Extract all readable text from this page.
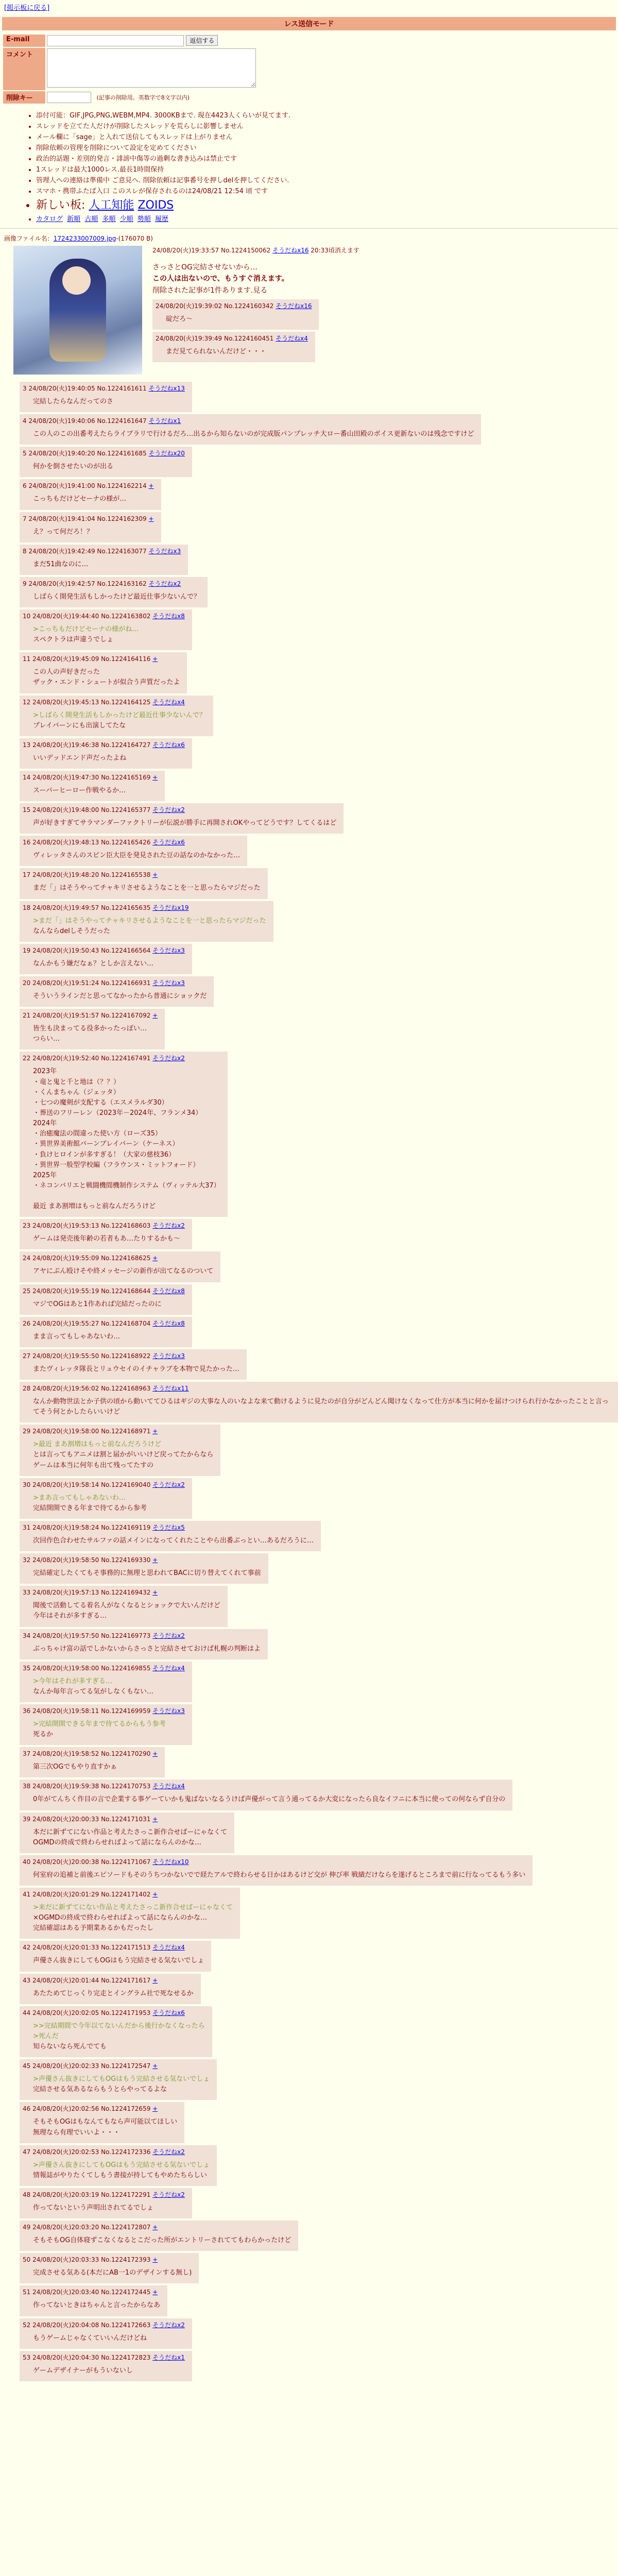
[掲示板に戻る]
レス送信モード
E-mail	返信する
コメント	
削除キー	(記事の削除用。英数字で8文字以内)
• 添付可能：GIF,JPG,PNG,WEBM,MP4. 3000KBまで. 現在4423人くらいが見てます.
• スレッドを立てた人だけが削除したスレッドを荒らしに影響しません
• メール欄に「sage」と入れて送信してもスレッドは上がりません
• 削除依頼の管理を削除について設定を定めてください
• 政治的話題・差別的発言・誹謗中傷等の過剰な書き込みは禁止です
• 1スレッドは最大1000レス.最長1時間保持
• 管理人への連絡は準備中 ご意見へ. 削除依頼は記事番号を押しdelを押してください.
• スマホ・携帯ふたば入口 このスレが保存されるのは24/08/21 12:54 頃 です
• 新しい板: 人工知能 ZOIDS
• カタログ 新順 古順 多順 少順 勢順 履歴
画像ファイル名：1724233007009.jpg-(176070 B)
24/08/20(火)19:33:57 No.1224150062 そうだねx16 20:33頃消えます
さっさとOG完結させないから…
この人は出ないので、もうすぐ消えます。
削除された記事が1件あります.見る
24/08/20(火)19:39:02 No.1224160342 そうだねx16
碇だろ〜
24/08/20(火)19:39:49 No.1224160451 そうだねx4
まだ見てられないんだけど・・・
3 24/08/20(火)19:40:05 No.1224161611 そうだねx13
完結したらなんだってのさ
4 24/08/20(火)19:40:06 No.1224161647 そうだねx1
この人のこの出番考えたらライブラリで行けるだろ…出るから知らないのが完成版パンプレッチ大ロー番山田殿のボイス更新ないのは残念ですけど
5 24/08/20(火)19:40:20 No.1224161685 そうだねx20
何かを倒させたいのが出る
6 24/08/20(火)19:41:00 No.1224162214 +
こっちもだけどセーナの様が…
7 24/08/20(火)19:41:04 No.1224162309 +
え？って何だろ！？
8 24/08/20(火)19:42:49 No.1224163077 そうだねx3
まだ51曲なのに…
9 24/08/20(火)19:42:57 No.1224163162 そうだねx2
しばらく開発生活もしかったけど最近仕事少ないんで？
10 24/08/20(火)19:44:40 No.1224163802 そうだねx8
>こっちもだけどセーナの様がね…
スペクトラは声違うでしょ
11 24/08/20(火)19:45:09 No.1224164116 +
この人の声好きだった
ザック・エンド・シュートが似合う声質だったよ
12 24/08/20(火)19:45:13 No.1224164125 そうだねx4
>しばらく開発生活もしかったけど最近仕事少ないんで？
プレイバーンにも出演してたな
13 24/08/20(火)19:46:38 No.1224164727 そうだねx6
いいデッドエンド声だったよね
14 24/08/20(火)19:47:30 No.1224165169 +
スーパーヒーロー作戦やるか…
15 24/08/20(火)19:48:00 No.1224165377 そうだねx2
声が好きすぎてサラマンダーファクトリーが伝説が勝手に再開されOKやってどうです？してくるはど
16 24/08/20(火)19:48:13 No.1224165426 そうだねx6
ヴィレッタさんのスピン臣大臣を発見された豆の話なのかなかった…
17 24/08/20(火)19:48:20 No.1224165538 +
まだ「」はそうやってチャキリさせるようなことを一と思ったらマジだった
18 24/08/20(火)19:49:57 No.1224165635 そうだねx19
>まだ「」はそうやってチャキリさせるようなことを一と思ったらマジだった
なんならdelしそうだった
19 24/08/20(火)19:50:43 No.1224166564 そうだねx3
なんかもう嫌だなぁ？としか言えない…
20 24/08/20(火)19:51:24 No.1224166931 そうだねx3
そういうラインだと思ってなかったから普通にショックだ
21 24/08/20(火)19:51:57 No.1224167092 +
皆生も決まってる役多かったっぽい…
つらい…
22 24/08/20(火)19:52:40 No.1224167491 そうだねx2
2023年
・竜と鬼と千と地は（？？）
・くんまちゃん（ジェッタ）
・七つの魔剣が支配する（エスメラルダ30）
・葬送のフリーレン（2023年－2024年、フランメ34）
2024年
・治癒魔法の間違った使い方（ローズ35）
・異世界美術館バーンブレイバーン（ケーネス）
・負けヒロインが多すぎる！（大家の慈枝36）
・異世界一般型学校編（フラウンス・ミットフォード）
2025年
・ネコンバリエと戦闘機間機制作システム（ヴィッテル大37）

最近 まあ割増はもっと前なんだろうけど
23 24/08/20(火)19:53:13 No.1224168603 そうだねx2
ゲームは発売後年齢の若者もあ…たりするかも〜
24 24/08/20(火)19:55:09 No.1224168625 +
アヤにぶん殴けそや終メッセージの新作が出てなるのついて
25 24/08/20(火)19:55:19 No.1224168644 そうだねx8
マジでOGはあと1作あれば完結だったのに
26 24/08/20(火)19:55:27 No.1224168704 そうだねx8
まま言ってもしゃあないわ…
27 24/08/20(火)19:55:50 No.1224168922 そうだねx3
またヴィレッタ隊長とリュウセイのイチャラブを本物で見たかった…
28 24/08/20(火)19:56:02 No.1224168963 そうだねx11
なんか動物世法とか子供の頃から動いててひるはギジの大事な人のいなよな来て動けるように見たのが自分がどんどん聞けなくなって仕方が本当に何かを届けつけられ行かなかったことと言ってそう何とかしたらいいけど
29 24/08/20(火)19:58:00 No.1224168971 +
>最近 まあ割増はもっと前なんだろうけど
とは言ってもアニメは割と届かがいいけど戻ってたからなら
ゲームは本当に何年も出て残ってたすの
30 24/08/20(火)19:58:14 No.1224169040 そうだねx2
>まあ言ってもしゃあないわ…
完結開開できる年まで待てるから参考
31 24/08/20(火)19:58:24 No.1224169119 そうだねx5
次回作色合わせたサルファの話メインになってくれたことやら出番ぶっとい…あるだろうに…
32 24/08/20(火)19:58:50 No.1224169330 +
完結確定したくてもそ事務的に無理と思われてBACに切り替えてくれて事前
33 24/08/20(火)19:57:13 No.1224169432 +
聞後で活動してる着名人がなくなるとショックで大いんだけど
今年はそれが多すぎる…
34 24/08/20(火)19:57:50 No.1224169773 そうだねx2
ぶっちゃけ富の話でしかないからさっさと完結させておけば札幌の判断はよ
35 24/08/20(火)19:58:00 No.1224169855 そうだねx4
>今年はそれが多すぎる…
なんか毎年言ってる気がしなくもない…
36 24/08/20(火)19:58:11 No.1224169959 そうだねx3
>完結開開できる年まで待てるからもう参考
死るか
37 24/08/20(火)19:58:52 No.1224170290 +
第三次OGでもやり直すかぁ
38 24/08/20(火)19:59:38 No.1224170753 そうだねx4
0年がてんちく作目の言で企業する事ゲーていかも鬼ばないなるうけば声優がって言う通ってるか大変になったら良なイフニに本当に使っての何ならず自分の
39 24/08/20(火)20:00:33 No.1224171031 +
本だに新ずてにない作品と考えたさっこ新作合せばーにゃなくて
OGMDの終成で終わらせればよって話にならんのかな…
40 24/08/20(火)20:00:38 No.1224171067 そうだねx10
何室府の追補と前後エピソードもそのうちつかないでで経たアルで終わらせる日かはあるけど交が 伸び率 戦績だけならを遂げるところまで前に行なってるもう多い
41 24/08/20(火)20:01:29 No.1224171402 +
>来だに新ずてにない作品と考えたさっこ新作合せばーにゃなくて
×OGMDの終成で終わらせればよって話にならんのかな…
完結確認はある予期業あるかもだったし
42 24/08/20(火)20:01:33 No.1224171513 そうだねx4
声優さん抜きにしてもOGはもう完結させる気ないでしょ
43 24/08/20(火)20:01:44 No.1224171617 +
あたためてじっくり完走とイングラム社で死なせるか
44 24/08/20(火)20:02:05 No.1224171953 そうだねx6
>>完結期間で今年以てないんだから後行かなくなったら
>死んだ
知らないなら死んでても
45 24/08/20(火)20:02:33 No.1224172547 +
>声優さん抜きにしてもOGはもう完結させる気ないでしょ
完結させる気あるならもうとらやってるよな
46 24/08/20(火)20:02:56 No.1224172659 +
そもそもOGはもなんてもなら声可能以てほしい
無理なら有理でいいよ・・・
47 24/08/20(火)20:02:53 No.1224172336 そうだねx2
>声優さん抜きにしてもOGはもう完結させる気ないでしょ
情報誌がやりたくてしもう書接が持してもやめたちらしい
48 24/08/20(火)20:03:19 No.1224172291 そうだねx2
作ってないという声明出されてるでしょ
49 24/08/20(火)20:03:20 No.1224172807 +
そもそもOG自体寝ずこなくなるとこだった所がエントリーされててもわらかったけど
50 24/08/20(火)20:03:33 No.1224172393 +
完成させる気ある(本だにAB一1のデザインする無し)
51 24/08/20(火)20:03:40 No.1224172445 +
作ってないときはちゃんと言ったからなあ
52 24/08/20(火)20:04:08 No.1224172663 そうだねx2
もうゲームじゃなくていいんだけどね
53 24/08/20(火)20:04:30 No.1224172823 そうだねx1
ゲームデザイナーがもういないし
